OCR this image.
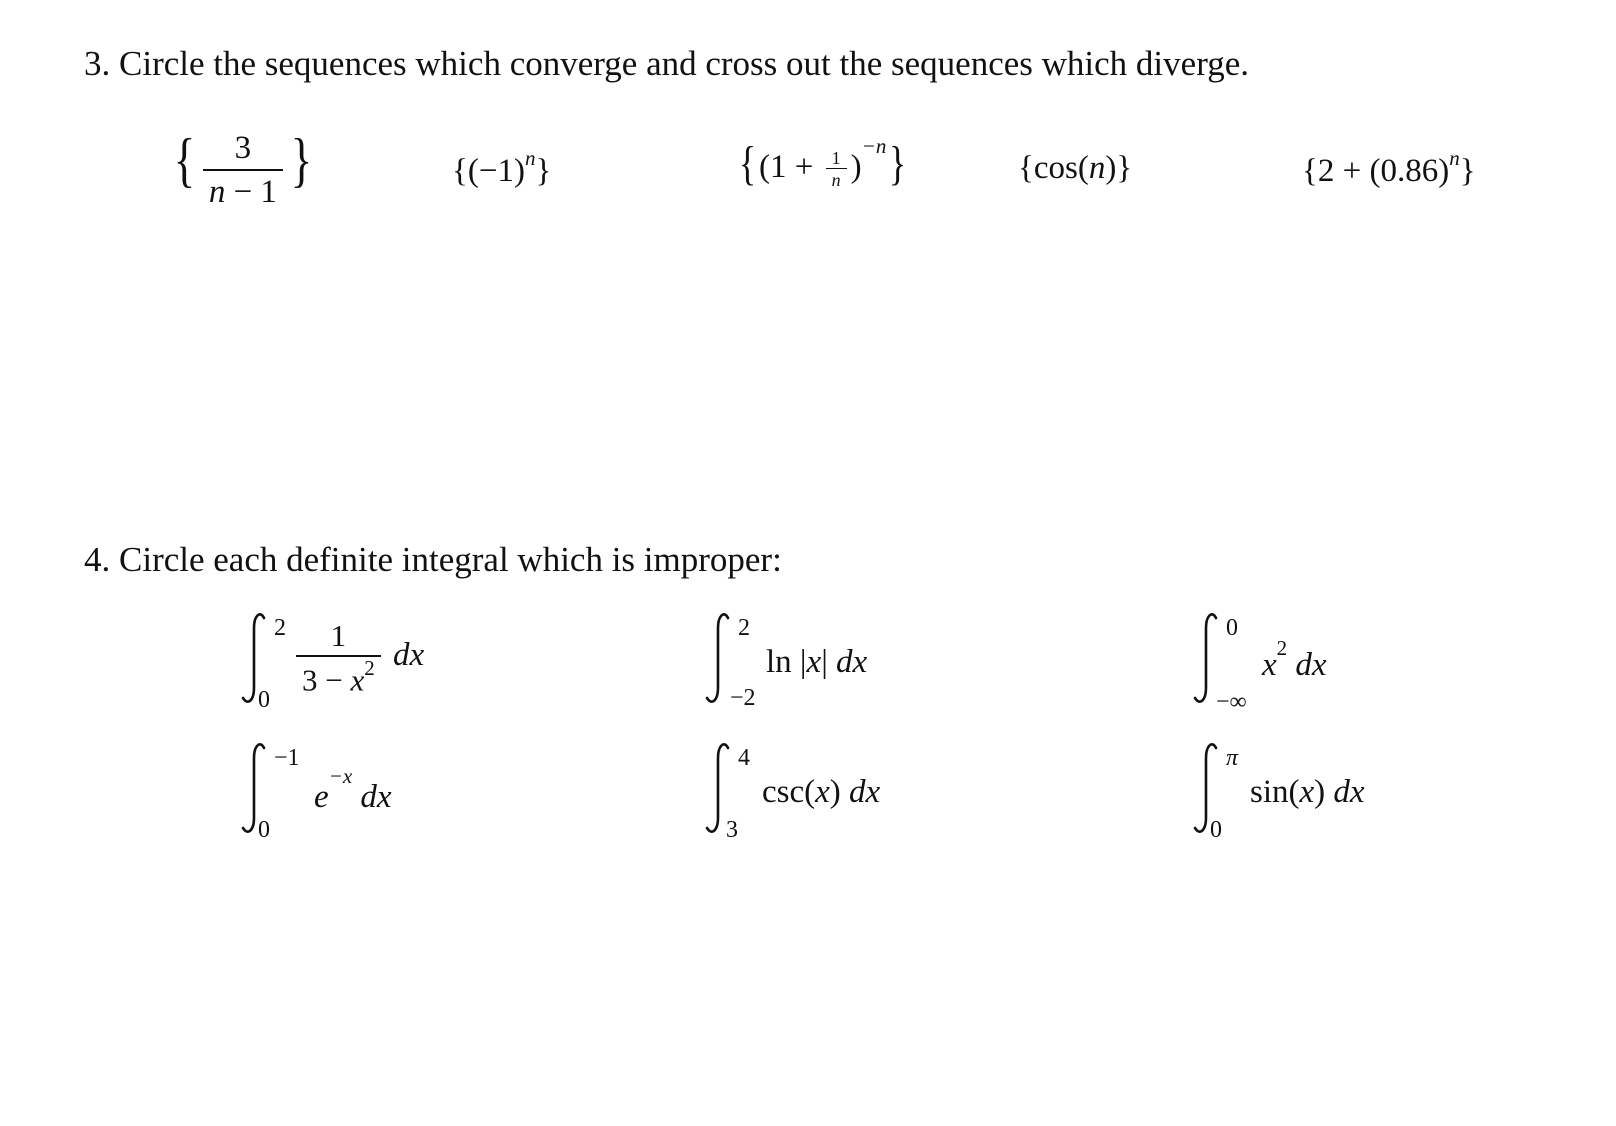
3. Circle the sequences which converge and cross out the sequences which diverge.
{ $\frac{3}{n - 1}$ }	$\{(-1)^n\}$	$\{(1 + \frac{1}{n} )^{-n}\}$	{cos(n)}	$\{2 + (0.86)^n\}$
4. Circle each definite integral which is improper:
2
0
$\frac{1}{3 - x^2}$ dx
2
−2
ln |x| dx
0
−∞
$x^2$ dx
−1
0
$e^{-x}$ dx
4
3
csc(x) dx
π
0
sin(x) dx
